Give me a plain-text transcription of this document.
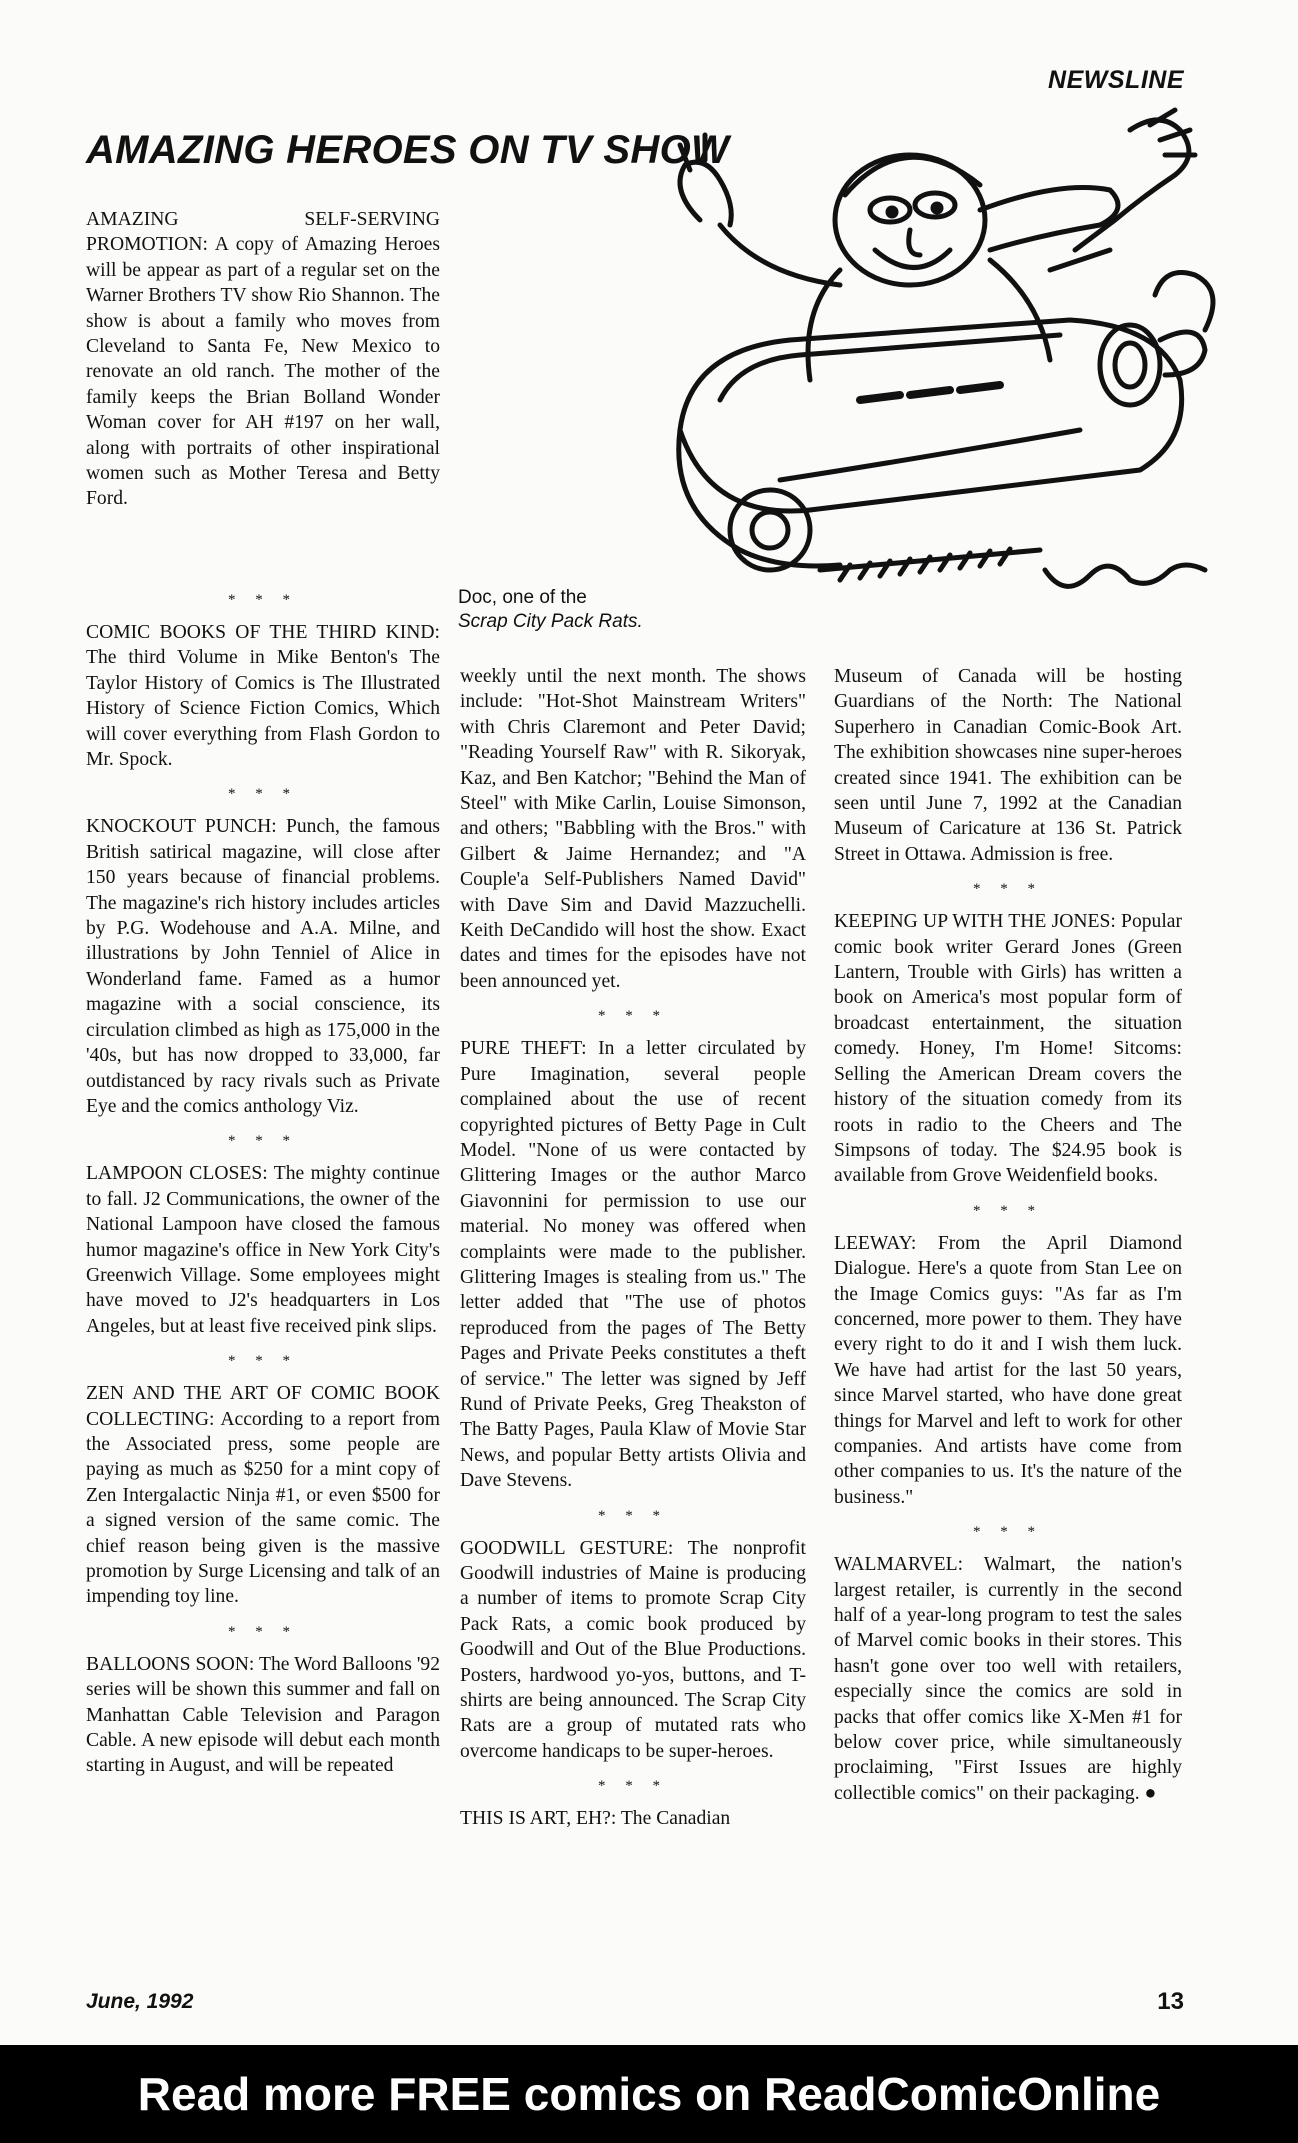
NEWSLINE
AMAZING HEROES ON TV SHOW
Doc, one of the
Scrap City Pack Rats.

AMAZING SELF-SERVING PROMOTION: A copy of Amazing Heroes will be appear as part of a regular set on the Warner Brothers TV show Rio Shannon. The show is about a family who moves from Cleveland to Santa Fe, New Mexico to renovate an old ranch. The mother of the family keeps the Brian Bolland Wonder Woman cover for AH #197 on her wall, along with portraits of other inspirational women such as Mother Teresa and Betty Ford.

* * *

COMIC BOOKS OF THE THIRD KIND: The third Volume in Mike Benton's The Taylor History of Comics is The Illustrated History of Science Fiction Comics, Which will cover everything from Flash Gordon to Mr. Spock.

* * *

KNOCKOUT PUNCH: Punch, the famous British satirical magazine, will close after 150 years because of financial problems. The magazine's rich history includes articles by P.G. Wodehouse and A.A. Milne, and illustrations by John Tenniel of Alice in Wonderland fame. Famed as a humor magazine with a social conscience, its circulation climbed as high as 175,000 in the '40s, but has now dropped to 33,000, far outdistanced by racy rivals such as Private Eye and the comics anthology Viz.

* * *

LAMPOON CLOSES: The mighty continue to fall. J2 Communications, the owner of the National Lampoon have closed the famous humor magazine's office in New York City's Greenwich Village. Some employees might have moved to J2's headquarters in Los Angeles, but at least five received pink slips.

* * *

ZEN AND THE ART OF COMIC BOOK COLLECTING: According to a report from the Associated press, some people are paying as much as $250 for a mint copy of Zen Intergalactic Ninja #1, or even $500 for a signed version of the same comic. The chief reason being given is the massive promotion by Surge Licensing and talk of an impending toy line.

* * *

BALLOONS SOON: The Word Balloons '92 series will be shown this summer and fall on Manhattan Cable Television and Paragon Cable. A new episode will debut each month starting in August, and will be repeated

weekly until the next month. The shows include: "Hot-Shot Mainstream Writers" with Chris Claremont and Peter David; "Reading Yourself Raw" with R. Sikoryak, Kaz, and Ben Katchor; "Behind the Man of Steel" with Mike Carlin, Louise Simonson, and others; "Babbling with the Bros." with Gilbert & Jaime Hernandez; and "A Couple'a Self-Publishers Named David" with Dave Sim and David Mazzuchelli. Keith DeCandido will host the show. Exact dates and times for the episodes have not been announced yet.

* * *

PURE THEFT: In a letter circulated by Pure Imagination, several people complained about the use of recent copyrighted pictures of Betty Page in Cult Model. "None of us were contacted by Glittering Images or the author Marco Giavonnini for permission to use our material. No money was offered when complaints were made to the publisher. Glittering Images is stealing from us." The letter added that "The use of photos reproduced from the pages of The Betty Pages and Private Peeks constitutes a theft of service." The letter was signed by Jeff Rund of Private Peeks, Greg Theakston of The Batty Pages, Paula Klaw of Movie Star News, and popular Betty artists Olivia and Dave Stevens.

* * *

GOODWILL GESTURE: The nonprofit Goodwill industries of Maine is producing a number of items to promote Scrap City Pack Rats, a comic book produced by Goodwill and Out of the Blue Productions. Posters, hardwood yo-yos, buttons, and T-shirts are being announced. The Scrap City Rats are a group of mutated rats who overcome handicaps to be super-heroes.

* * *

THIS IS ART, EH?: The Canadian

Museum of Canada will be hosting Guardians of the North: The National Superhero in Canadian Comic-Book Art. The exhibition showcases nine super-heroes created since 1941. The exhibition can be seen until June 7, 1992 at the Canadian Museum of Caricature at 136 St. Patrick Street in Ottawa. Admission is free.

* * *

KEEPING UP WITH THE JONES: Popular comic book writer Gerard Jones (Green Lantern, Trouble with Girls) has written a book on America's most popular form of broadcast entertainment, the situation comedy. Honey, I'm Home! Sitcoms: Selling the American Dream covers the history of the situation comedy from its roots in radio to the Cheers and The Simpsons of today. The $24.95 book is available from Grove Weidenfield books.

* * *

LEEWAY: From the April Diamond Dialogue. Here's a quote from Stan Lee on the Image Comics guys: "As far as I'm concerned, more power to them. They have every right to do it and I wish them luck. We have had artist for the last 50 years, since Marvel started, who have done great things for Marvel and left to work for other companies. And artists have come from other companies to us. It's the nature of the business."

* * *

WALMARVEL: Walmart, the nation's largest retailer, is currently in the second half of a year-long program to test the sales of Marvel comic books in their stores. This hasn't gone over too well with retailers, especially since the comics are sold in packs that offer comics like X-Men #1 for below cover price, while simultaneously proclaiming, "First Issues are highly collectible comics" on their packaging. ●

June, 1992	13
Read more FREE comics on ReadComicOnline
